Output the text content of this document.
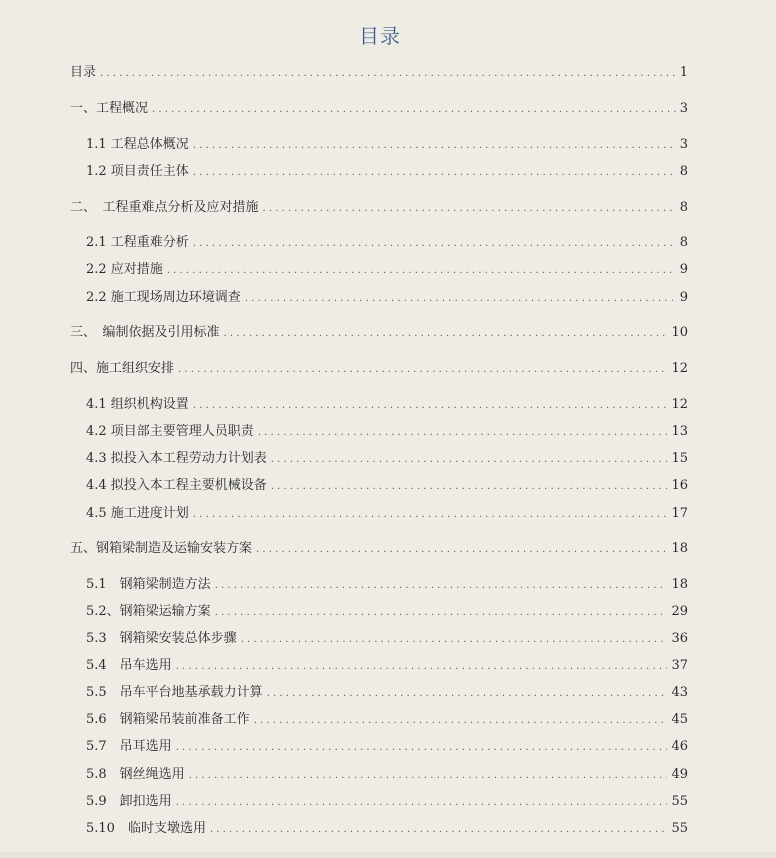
目录
目录 . . .	1
一、工程概况 . . .	3
1.1 工程总体概况 . . .	3
1.2 项目责任主体 . . .	8
二、　工程重难点分析及应对措施 . . .	8
2.1 工程重难分析 . . .	8
2.2 应对措施 . . .	9
2.2 施工现场周边环境调查 . . .	9
三、　编制依据及引用标准 . . .	10
四、施工组织安排 . . .	12
4.1 组织机构设置 . . .	12
4.2 项目部主要管理人员职责 . . .	13
4.3 拟投入本工程劳动力计划表 . . .	15
4.4 拟投入本工程主要机械设备 . . .	16
4.5 施工进度计划 . . .	17
五、钢箱梁制造及运输安装方案 . . .	18
5.1　钢箱梁制造方法 . . .	18
5.2、钢箱梁运输方案 . . .	29
5.3　钢箱梁安装总体步骤 . . .	36
5.4　吊车选用 . . .	37
5.5　吊车平台地基承载力计算 . . .	43
5.6　钢箱梁吊装前准备工作 . . .	45
5.7　吊耳选用 . . .	46
5.8　钢丝绳选用 . . .	49
5.9　卸扣选用 . . .	55
5.10　临时支墩选用 . . .	55
